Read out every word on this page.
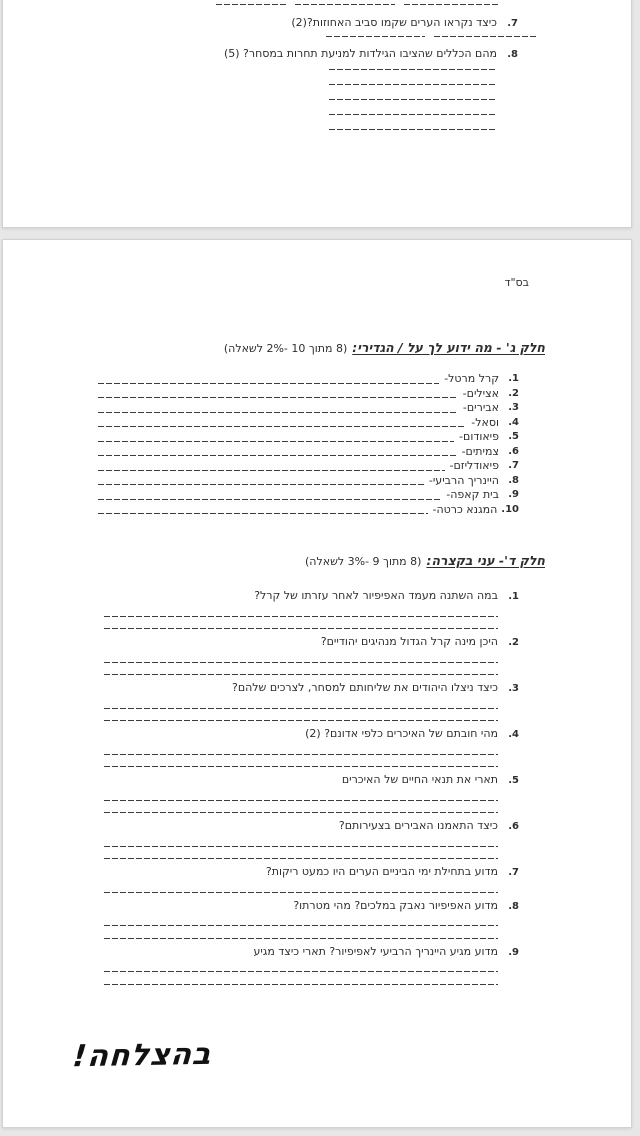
7.
כיצד נקראו הערים שקמו סביב האחוזות?(2)
8.
מהם הכללים שהציבו הגילדות למניעת תחרות במסחר? (5)
בס"ד
חלק ג' - מה ידוע לך על / הגדירי:
(8 מתוך 10 -2% לשאלה)
1.
קרל מרטל-
2.
אצילים-
3.
אבירים-
4.
וסאל-
5.
פיאודום-
6.
צמיתים-
7.
פיאודליזם-
8.
היינריך הרביעי-
9.
בית קאפה-
10.
המגנא כרטה-
חלק ד'- עני בקצרה:
(8 מתוך 9 -3% לשאלה)
1.
במה השתנה מעמד האפיפיור לאחר עזרתו של קרל?
2.
היכן מינה קרל הגדול מנהיגים יהודיים?
3.
כיצד ניצלו היהודים את שליחותם למסחר, לצרכים שלהם?
4.
מהי חובתם של האיכרים כלפי אדונם? (2)
5.
תארי את תנאי החיים של האיכרים
6.
כיצד התאמנו האבירים בצעירותם?
7.
מדוע בתחילת ימי הביניים הערים היו כמעט ריקות?
8.
מדוע האפיפיור נאבק במלכים? מהי מטרתו?
9.
מדוע מגיע היינריך הרביעי לאפיפיור? תארי כיצד מגיע
בהצלחה!
